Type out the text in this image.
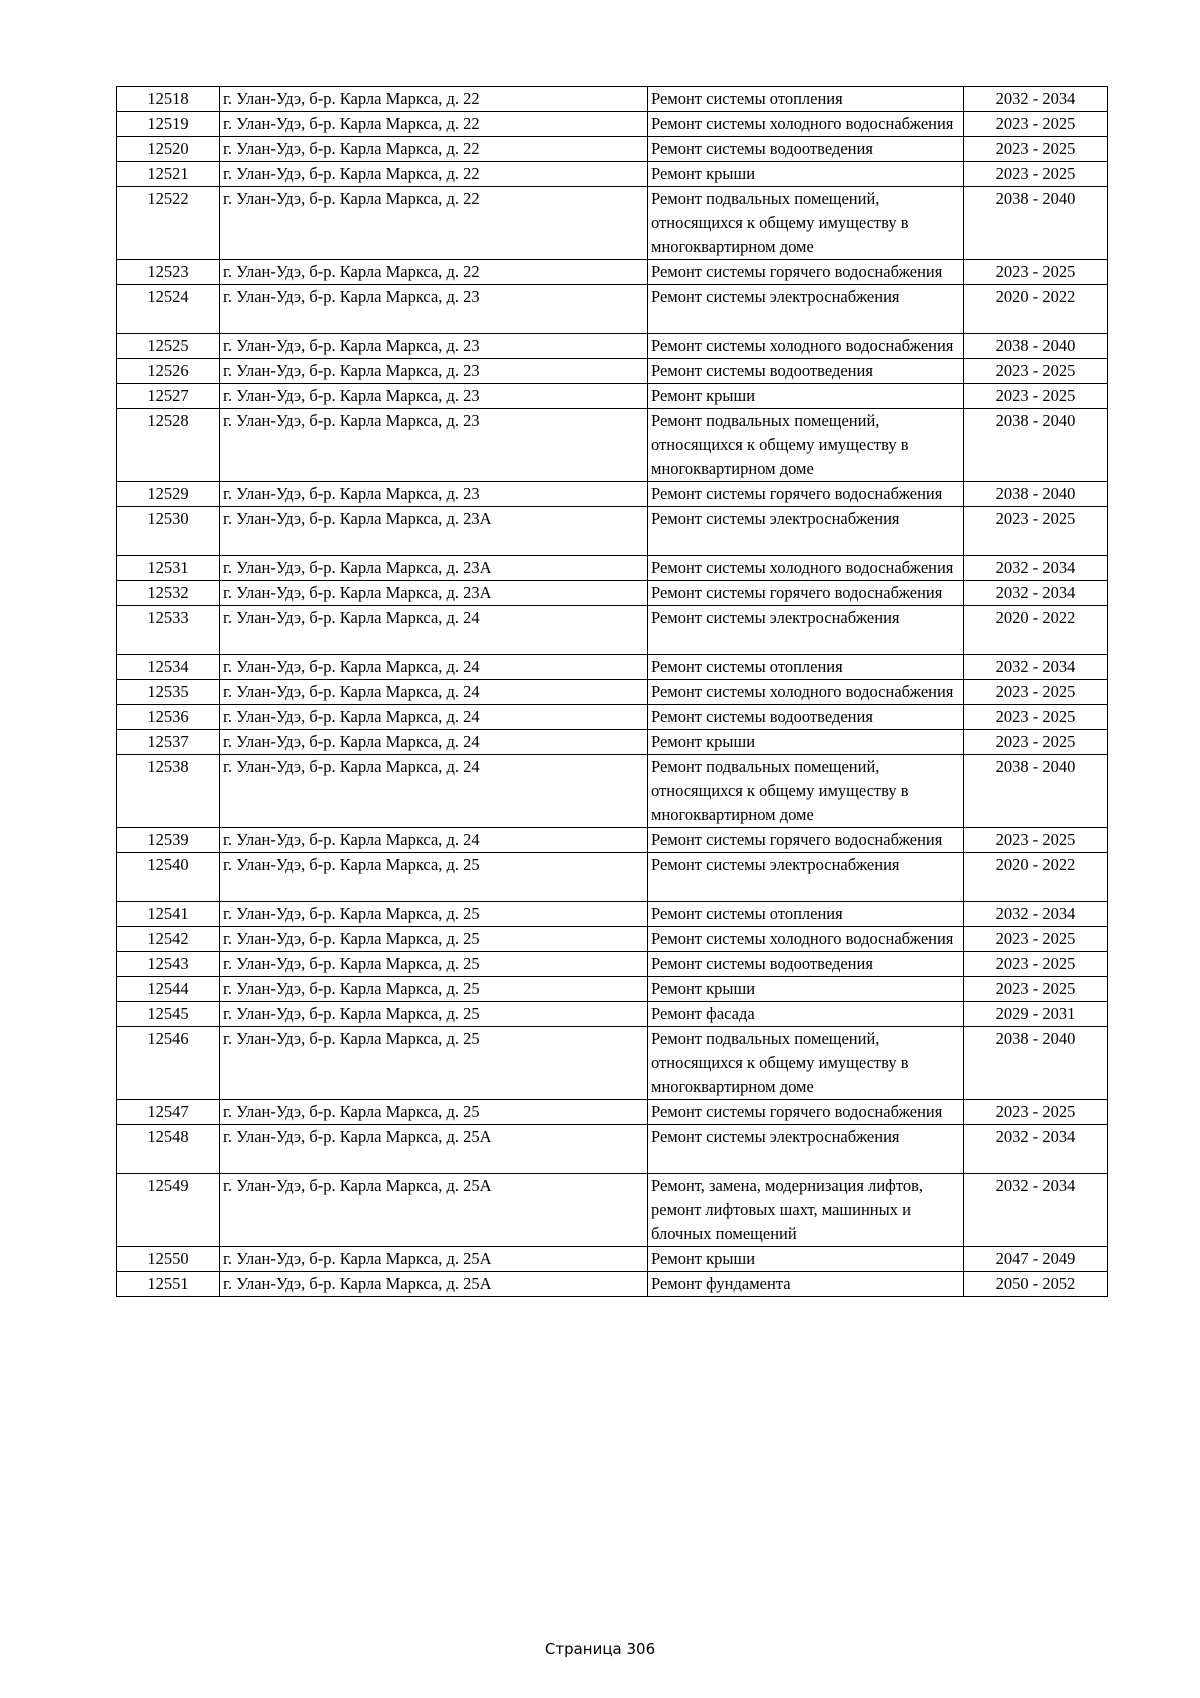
12518	г. Улан-Удэ, б-р. Карла Маркса, д. 22	Ремонт системы отопления	2032 - 2034
12519	г. Улан-Удэ, б-р. Карла Маркса, д. 22	Ремонт системы холодного водоснабжения	2023 - 2025
12520	г. Улан-Удэ, б-р. Карла Маркса, д. 22	Ремонт системы водоотведения	2023 - 2025
12521	г. Улан-Удэ, б-р. Карла Маркса, д. 22	Ремонт крыши	2023 - 2025
12522	г. Улан-Удэ, б-р. Карла Маркса, д. 22	Ремонт подвальных помещений, относящихся к общему имуществу в многоквартирном доме	2038 - 2040
12523	г. Улан-Удэ, б-р. Карла Маркса, д. 22	Ремонт системы горячего водоснабжения	2023 - 2025
12524	г. Улан-Удэ, б-р. Карла Маркса, д. 23	Ремонт системы электроснабжения	2020 - 2022
12525	г. Улан-Удэ, б-р. Карла Маркса, д. 23	Ремонт системы холодного водоснабжения	2038 - 2040
12526	г. Улан-Удэ, б-р. Карла Маркса, д. 23	Ремонт системы водоотведения	2023 - 2025
12527	г. Улан-Удэ, б-р. Карла Маркса, д. 23	Ремонт крыши	2023 - 2025
12528	г. Улан-Удэ, б-р. Карла Маркса, д. 23	Ремонт подвальных помещений, относящихся к общему имуществу в многоквартирном доме	2038 - 2040
12529	г. Улан-Удэ, б-р. Карла Маркса, д. 23	Ремонт системы горячего водоснабжения	2038 - 2040
12530	г. Улан-Удэ, б-р. Карла Маркса, д. 23А	Ремонт системы электроснабжения	2023 - 2025
12531	г. Улан-Удэ, б-р. Карла Маркса, д. 23А	Ремонт системы холодного водоснабжения	2032 - 2034
12532	г. Улан-Удэ, б-р. Карла Маркса, д. 23А	Ремонт системы горячего водоснабжения	2032 - 2034
12533	г. Улан-Удэ, б-р. Карла Маркса, д. 24	Ремонт системы электроснабжения	2020 - 2022
12534	г. Улан-Удэ, б-р. Карла Маркса, д. 24	Ремонт системы отопления	2032 - 2034
12535	г. Улан-Удэ, б-р. Карла Маркса, д. 24	Ремонт системы холодного водоснабжения	2023 - 2025
12536	г. Улан-Удэ, б-р. Карла Маркса, д. 24	Ремонт системы водоотведения	2023 - 2025
12537	г. Улан-Удэ, б-р. Карла Маркса, д. 24	Ремонт крыши	2023 - 2025
12538	г. Улан-Удэ, б-р. Карла Маркса, д. 24	Ремонт подвальных помещений, относящихся к общему имуществу в многоквартирном доме	2038 - 2040
12539	г. Улан-Удэ, б-р. Карла Маркса, д. 24	Ремонт системы горячего водоснабжения	2023 - 2025
12540	г. Улан-Удэ, б-р. Карла Маркса, д. 25	Ремонт системы электроснабжения	2020 - 2022
12541	г. Улан-Удэ, б-р. Карла Маркса, д. 25	Ремонт системы отопления	2032 - 2034
12542	г. Улан-Удэ, б-р. Карла Маркса, д. 25	Ремонт системы холодного водоснабжения	2023 - 2025
12543	г. Улан-Удэ, б-р. Карла Маркса, д. 25	Ремонт системы водоотведения	2023 - 2025
12544	г. Улан-Удэ, б-р. Карла Маркса, д. 25	Ремонт крыши	2023 - 2025
12545	г. Улан-Удэ, б-р. Карла Маркса, д. 25	Ремонт фасада	2029 - 2031
12546	г. Улан-Удэ, б-р. Карла Маркса, д. 25	Ремонт подвальных помещений, относящихся к общему имуществу в многоквартирном доме	2038 - 2040
12547	г. Улан-Удэ, б-р. Карла Маркса, д. 25	Ремонт системы горячего водоснабжения	2023 - 2025
12548	г. Улан-Удэ, б-р. Карла Маркса, д. 25А	Ремонт системы электроснабжения	2032 - 2034
12549	г. Улан-Удэ, б-р. Карла Маркса, д. 25А	Ремонт, замена, модернизация лифтов, ремонт лифтовых шахт, машинных и блочных помещений	2032 - 2034
12550	г. Улан-Удэ, б-р. Карла Маркса, д. 25А	Ремонт крыши	2047 - 2049
12551	г. Улан-Удэ, б-р. Карла Маркса, д. 25А	Ремонт фундамента	2050 - 2052
Страница 306
